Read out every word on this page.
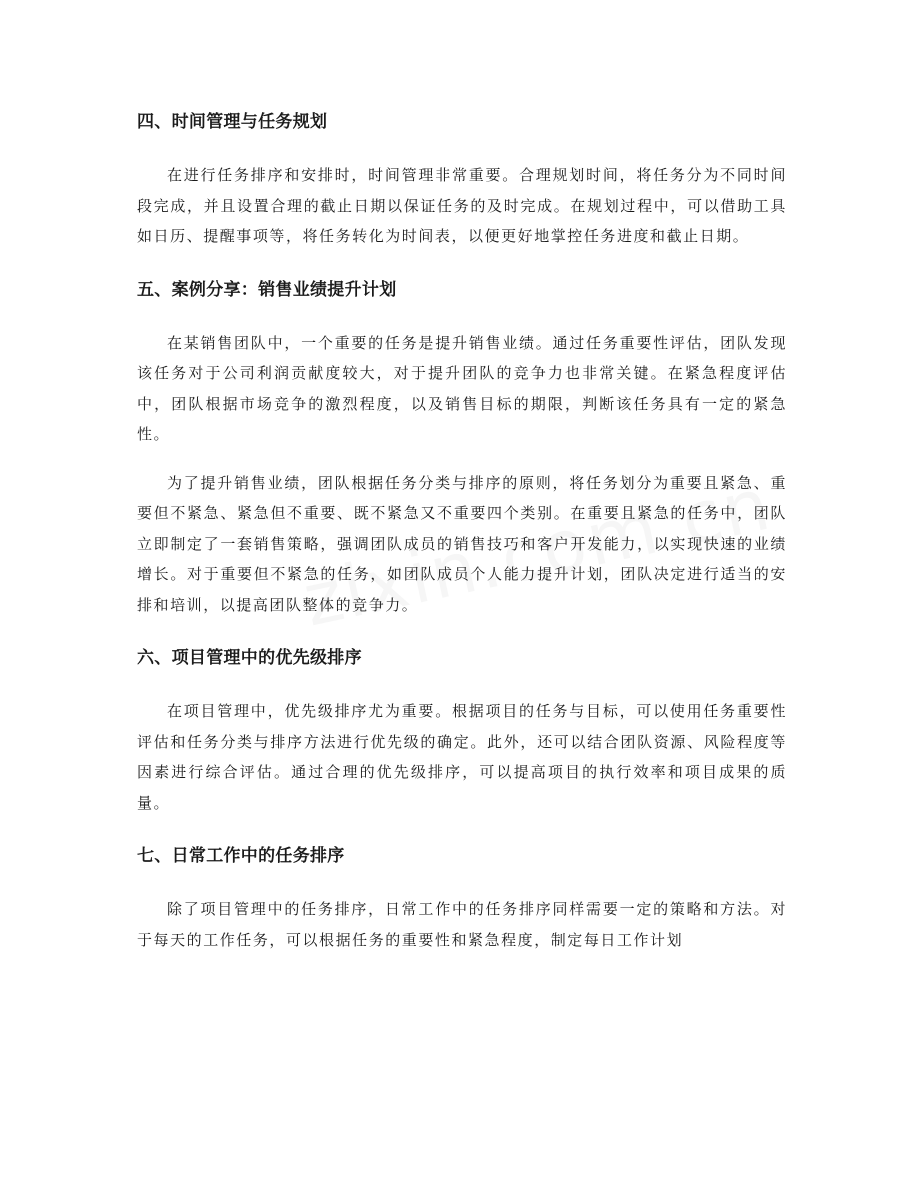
四、时间管理与任务规划

在进行任务排序和安排时，时间管理非常重要。合理规划时间，将任务分为不同时间段完成，并且设置合理的截止日期以保证任务的及时完成。在规划过程中，可以借助工具如日历、提醒事项等，将任务转化为时间表，以便更好地掌控任务进度和截止日期。

五、案例分享：销售业绩提升计划

在某销售团队中，一个重要的任务是提升销售业绩。通过任务重要性评估，团队发现该任务对于公司利润贡献度较大，对于提升团队的竞争力也非常关键。在紧急程度评估中，团队根据市场竞争的激烈程度，以及销售目标的期限，判断该任务具有一定的紧急性。

为了提升销售业绩，团队根据任务分类与排序的原则，将任务划分为重要且紧急、重要但不紧急、紧急但不重要、既不紧急又不重要四个类别。在重要且紧急的任务中，团队立即制定了一套销售策略，强调团队成员的销售技巧和客户开发能力，以实现快速的业绩增长。对于重要但不紧急的任务，如团队成员个人能力提升计划，团队决定进行适当的安排和培训，以提高团队整体的竞争力。

六、项目管理中的优先级排序

在项目管理中，优先级排序尤为重要。根据项目的任务与目标，可以使用任务重要性评估和任务分类与排序方法进行优先级的确定。此外，还可以结合团队资源、风险程度等因素进行综合评估。通过合理的优先级排序，可以提高项目的执行效率和项目成果的质量。

七、日常工作中的任务排序

除了项目管理中的任务排序，日常工作中的任务排序同样需要一定的策略和方法。对于每天的工作任务，可以根据任务的重要性和紧急程度，制定每日工作计划
